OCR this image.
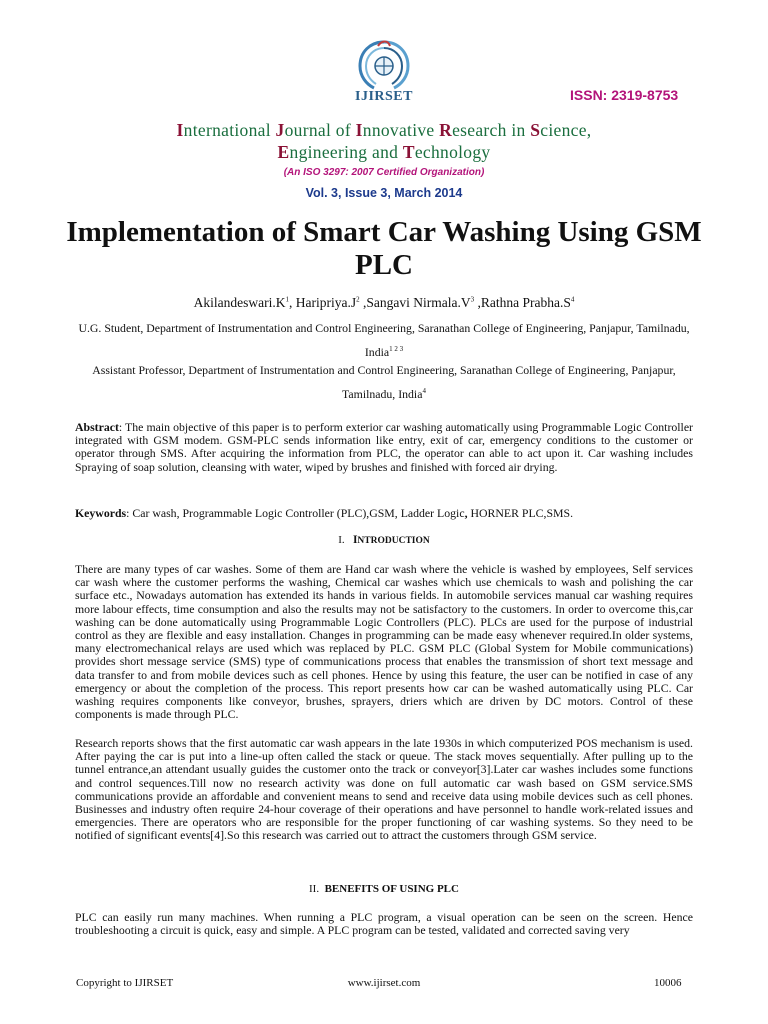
IJIRSET	ISSN: 2319-8753
International Journal of Innovative Research in Science,
Engineering and Technology
(An ISO 3297: 2007 Certified Organization)
Vol. 3, Issue 3, March 2014
Implementation of Smart Car Washing Using GSM PLC
$Akilandeswari.K^1$, $Haripriya.J^2$ ,Sangavi $Nirmala.V^3$ ,Rathna $Prabha.S^4$
U.G. Student, Department of Instrumentation and Control Engineering, Saranathan College of Engineering, Panjapur, Tamilnadu, India$^{1 2 3}$
Assistant Professor, Department of Instrumentation and Control Engineering, Saranathan College of Engineering, Panjapur, Tamilnadu, India$^4$
Abstract: The main objective of this paper is to perform exterior car washing automatically using Programmable Logic Controller integrated with GSM modem. GSM-PLC sends information like entry, exit of car, emergency conditions to the customer or operator through SMS. After acquiring the information from PLC, the operator can able to act upon it. Car washing includes Spraying of soap solution, cleansing with water, wiped by brushes and finished with forced air drying.
Keywords: Car wash, Programmable Logic Controller (PLC),GSM, Ladder Logic, HORNER PLC,SMS.
I. INTRODUCTION
There are many types of car washes. Some of them are Hand car wash where the vehicle is washed by employees, Self services car wash where the customer performs the washing, Chemical car washes which use chemicals to wash and polishing the car surface etc., Nowadays automation has extended its hands in various fields. In automobile services manual car washing requires more labour effects, time consumption and also the results may not be satisfactory to the customers. In order to overcome this,car washing can be done automatically using Programmable Logic Controllers (PLC). PLCs are used for the purpose of industrial control as they are flexible and easy installation. Changes in programming can be made easy whenever required.In older systems, many electromechanical relays are used which was replaced by PLC. GSM PLC (Global System for Mobile communications) provides short message service (SMS) type of communications process that enables the transmission of short text message and data transfer to and from mobile devices such as cell phones. Hence by using this feature, the user can be notified in case of any emergency or about the completion of the process. This report presents how car can be washed automatically using PLC. Car washing requires components like conveyor, brushes, sprayers, driers which are driven by DC motors. Control of these components is made through PLC.
Research reports shows that the first automatic car wash appears in the late 1930s in which computerized POS mechanism is used. After paying the car is put into a line-up often called the stack or queue. The stack moves sequentially. After pulling up to the tunnel entrance,an attendant usually guides the customer onto the track or conveyor[3].Later car washes includes some functions and control sequences.Till now no research activity was done on full automatic car wash based on GSM service.SMS communications provide an affordable and convenient means to send and receive data using mobile devices such as cell phones. Businesses and industry often require 24-hour coverage of their operations and have personnel to handle work-related issues and emergencies. There are operators who are responsible for the proper functioning of car washing systems. So they need to be notified of significant events[4].So this research was carried out to attract the customers through GSM service.
II. BENEFITS OF USING PLC
PLC can easily run many machines. When running a PLC program, a visual operation can be seen on the screen. Hence troubleshooting a circuit is quick, easy and simple. A PLC program can be tested, validated and corrected saving very
Copyright to IJIRSET	www.ijirset.com	10006
